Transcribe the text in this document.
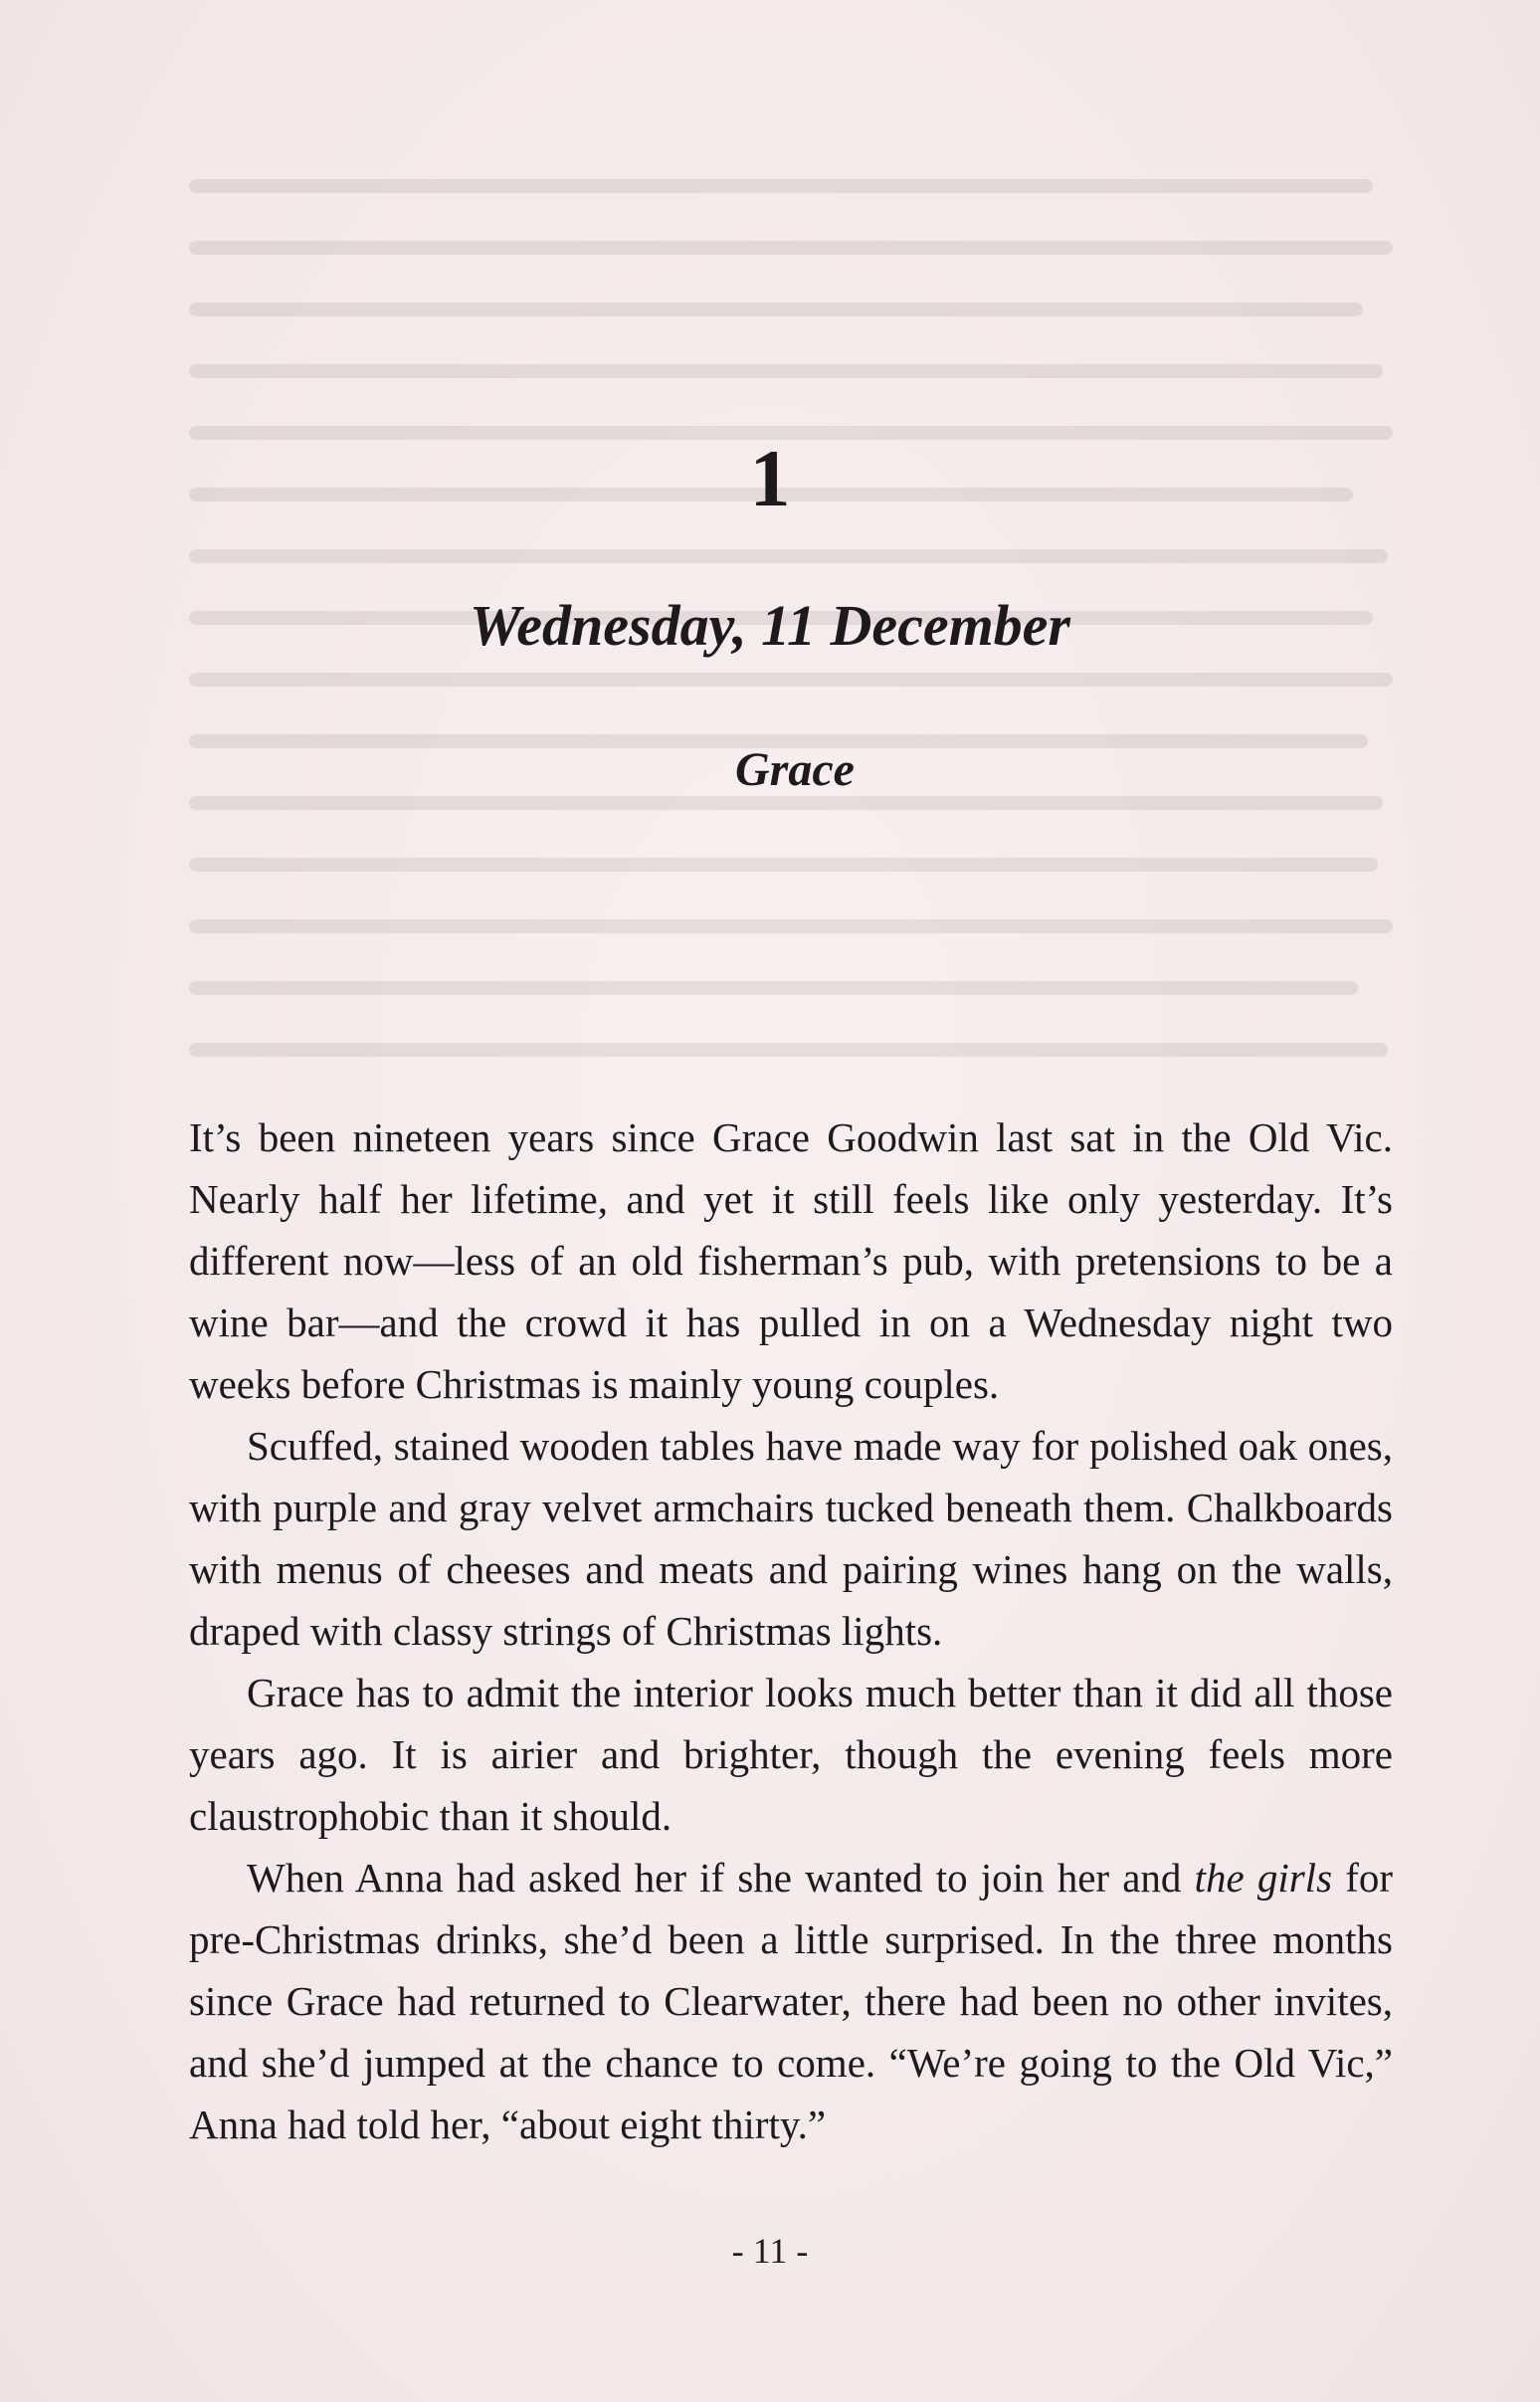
1
Wednesday, 11 December
Grace

It’s been nineteen years since Grace Goodwin last sat in the Old Vic. Nearly half her lifetime, and yet it still feels like only yesterday. It’s different now—less of an old fisherman’s pub, with pretensions to be a wine bar—and the crowd it has pulled in on a Wednesday night two weeks before Christmas is mainly young couples.

Scuffed, stained wooden tables have made way for polished oak ones, with purple and gray velvet armchairs tucked beneath them. Chalkboards with menus of cheeses and meats and pairing wines hang on the walls, draped with classy strings of Christmas lights.

Grace has to admit the interior looks much better than it did all those years ago. It is airier and brighter, though the evening feels more claustrophobic than it should.

When Anna had asked her if she wanted to join her and the girls for pre-Christmas drinks, she’d been a little surprised. In the three months since Grace had returned to Clearwater, there had been no other invites, and she’d jumped at the chance to come. “We’re going to the Old Vic,” Anna had told her, “about eight thirty.”

- 11 -
